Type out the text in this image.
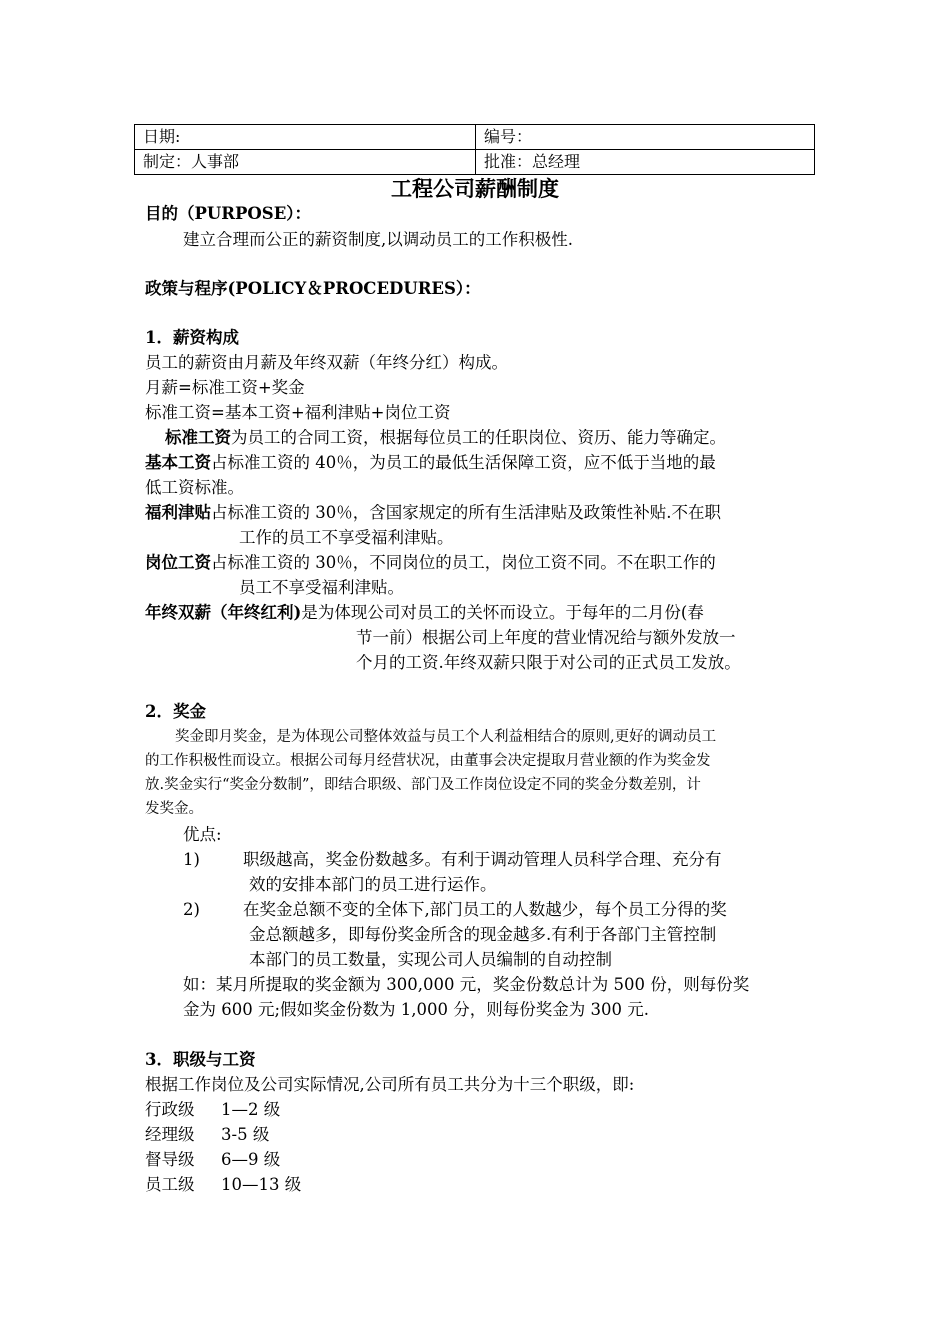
日期:	编号：
制定：人事部	批准：总经理
工程公司薪酬制度
目的（PURPOSE）：
建立合理而公正的薪资制度,以调动员工的工作积极性.
政策与程序(POLICY＆PROCEDURES）：
1．薪资构成
员工的薪资由月薪及年终双薪（年终分红）构成。
月薪=标准工资+奖金
标准工资=基本工资+福利津贴+岗位工资
标准工资为员工的合同工资，根据每位员工的任职岗位、资历、能力等确定。
基本工资占标准工资的 40％，为员工的最低生活保障工资，应不低于当地的最
低工资标准。
福利津贴占标准工资的 30％，含国家规定的所有生活津贴及政策性补贴.不在职
工作的员工不享受福利津贴。
岗位工资占标准工资的 30％，不同岗位的员工，岗位工资不同。不在职工作的
员工不享受福利津贴。
年终双薪（年终红利)是为体现公司对员工的关怀而设立。于每年的二月份(春
节一前）根据公司上年度的营业情况给与额外发放一
个月的工资.年终双薪只限于对公司的正式员工发放。
2．奖金
奖金即月奖金，是为体现公司整体效益与员工个人利益相结合的原则,更好的调动员工
的工作积极性而设立。根据公司每月经营状况，由董事会决定提取月营业额的作为奖金发
放.奖金实行“奖金分数制”，即结合职级、部门及工作岗位设定不同的奖金分数差别，计
发奖金。
优点:
1)	职级越高，奖金份数越多。有利于调动管理人员科学合理、充分有
效的安排本部门的员工进行运作。
2)	在奖金总额不变的全体下,部门员工的人数越少，每个员工分得的奖
金总额越多，即每份奖金所含的现金越多.有利于各部门主管控制
本部门的员工数量，实现公司人员编制的自动控制
如：某月所提取的奖金额为 300,000 元，奖金份数总计为 500 份，则每份奖
金为 600 元;假如奖金份数为 1,000 分，则每份奖金为 300 元.
3．职级与工资
根据工作岗位及公司实际情况,公司所有员工共分为十三个职级，即:
行政级 1—2 级
经理级 3-5 级
督导级 6—9 级
员工级 10—13 级
